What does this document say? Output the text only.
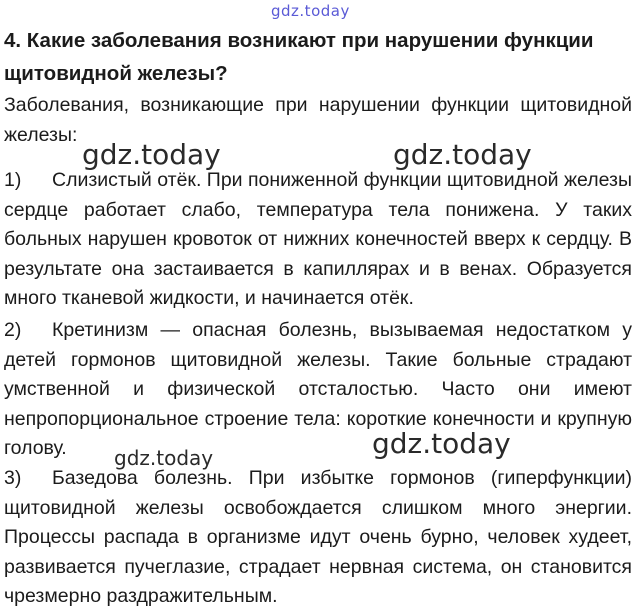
gdz.today
4. Какие заболевания возникают при нарушении функции щитовидной железы?

Заболевания, возникающие при нарушении функции щитовидной железы:

1) Слизистый отёк. При пониженной функции щитовидной железы сердце работает слабо, температура тела понижена. У таких больных нарушен кровоток от нижних конечностей вверх к сердцу. В результате она застаивается в капиллярах и в венах. Образуется много тканевой жидкости, и начинается отёк.

2) Кретинизм — опасная болезнь, вызываемая недостатком у детей гормонов щитовидной железы. Такие больные страдают умственной и физической отсталостью. Часто они имеют непропорциональное строение тела: короткие конечности и крупную голову.

3) Базедова болезнь. При избытке гормонов (гиперфункции) щитовидной железы освобождается слишком много энергии. Процессы распада в организме идут очень бурно, человек худеет, развивается пучеглазие, страдает нервная система, он становится чрезмерно раздражительным.

gdz.today	gdz.today
gdz.today
gdz.today
